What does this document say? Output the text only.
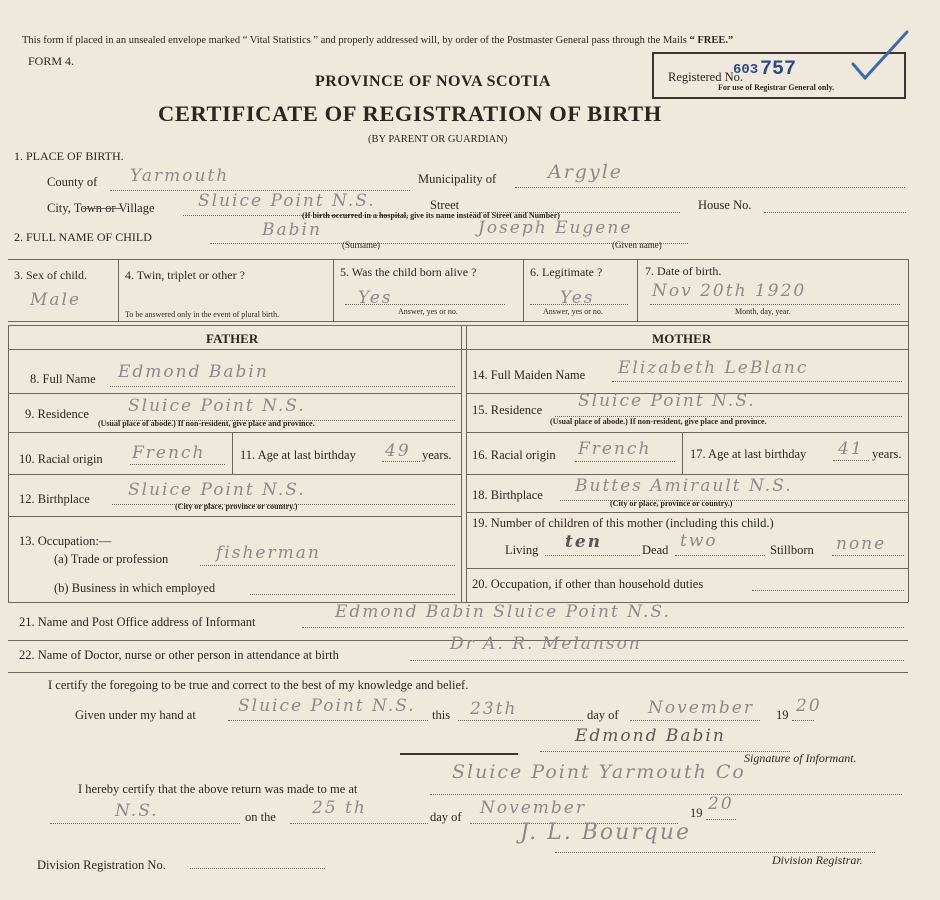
This form if placed in an unsealed envelope marked “ Vital Statistics ” and properly addressed will, by order of the Postmaster General pass through the Mails “ FREE.”
FORM 4.
PROVINCE OF NOVA SCOTIA
CERTIFICATE OF REGISTRATION OF BIRTH
(BY PARENT OR GUARDIAN)
Registered No.
603 757
For use of Registrar General only.
1. PLACE OF BIRTH.
County of Yarmouth	Municipality of	Argyle
City, Town or Village	Sluice Point N.S.	Street
(If birth occurred in a hospital, give its name instead of Street and Number)
House No.
2. FULL NAME OF CHILD	Babin
(Surname)
Joseph Eugene
(Given name)
3. Sex of child.
Male
4. Twin, triplet or other ?
To be answered only in the event of plural birth.
5. Was the child born alive ?
Yes
Answer, yes or no.
6. Legitimate ?
Yes
Answer, yes or no.
7. Date of birth.
Nov 20th 1920
Month, day, year.
FATHER	MOTHER
8. Full Name Edmond Babin
9. Residence Sluice Point N.S.
(Usual place of abode.) If non-resident, give place and province.
10. Racial origin French	11. Age at last birthday 49 years.
12. Birthplace Sluice Point N.S.
(City or place, province or country.)
13. Occupation:—
(a) Trade or profession	fisherman
(b) Business in which employed
14. Full Maiden Name Elizabeth LeBlanc
15. Residence Sluice Point N.S.
(Usual place of abode.) If non-resident, give place and province.
16. Racial origin French	17. Age at last birthday 41 years.
18. Birthplace Buttes Amirault N.S.
(City or place, province or country.)
19. Number of children of this mother (including this child.)
Living ten	Dead two	Stillborn none
20. Occupation, if other than household duties
21. Name and Post Office address of Informant	Edmond Babin Sluice Point N.S.
22. Name of Doctor, nurse or other person in attendance at birth
Dr A. R. Melanson
I certify the foregoing to be true and correct to the best of my knowledge and belief.
Given under my hand at Sluice Point N.S. this 23th	day of November 19 20
Edmond Babin
Signature of Informant.
I hereby certify that the above return was made to me at
Sluice Point Yarmouth Co
N.S.	on the 25 th	day of November	19 20
J. L. Bourque
Division Registration No.	Division Registrar.
